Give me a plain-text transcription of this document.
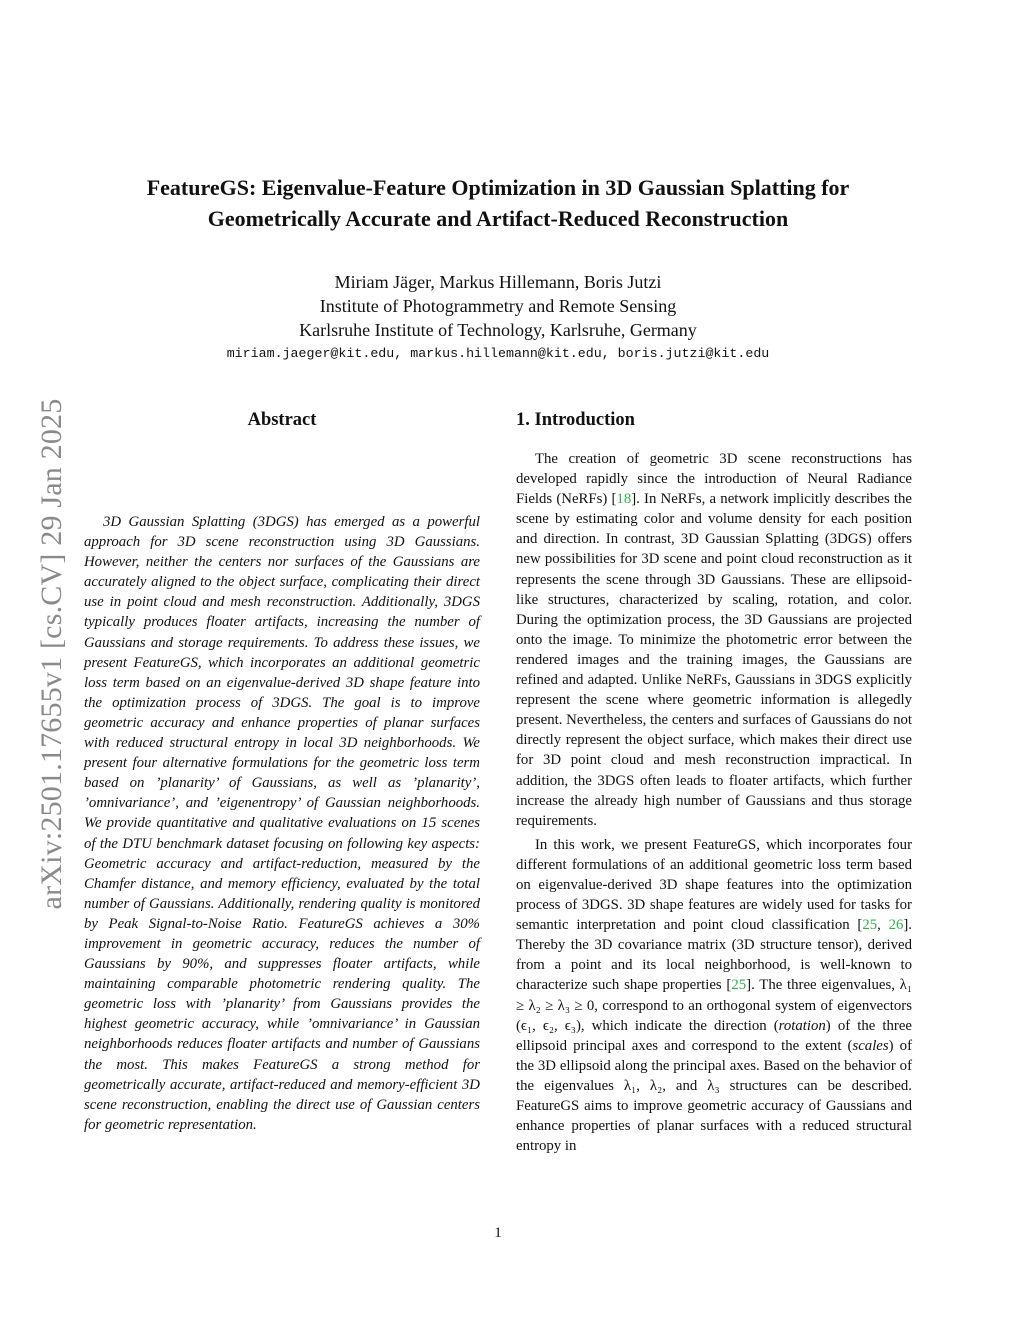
arXiv:2501.17655v1 [cs.CV] 29 Jan 2025
FeatureGS: Eigenvalue-Feature Optimization in 3D Gaussian Splatting for Geometrically Accurate and Artifact-Reduced Reconstruction
Miriam Jäger, Markus Hillemann, Boris Jutzi
Institute of Photogrammetry and Remote Sensing
Karlsruhe Institute of Technology, Karlsruhe, Germany
miriam.jaeger@kit.edu, markus.hillemann@kit.edu, boris.jutzi@kit.edu
Abstract

3D Gaussian Splatting (3DGS) has emerged as a powerful approach for 3D scene reconstruction using 3D Gaussians. However, neither the centers nor surfaces of the Gaussians are accurately aligned to the object surface, complicating their direct use in point cloud and mesh reconstruction. Additionally, 3DGS typically produces floater artifacts, increasing the number of Gaussians and storage requirements. To address these issues, we present FeatureGS, which incorporates an additional geometric loss term based on an eigenvalue-derived 3D shape feature into the optimization process of 3DGS. The goal is to improve geometric accuracy and enhance properties of planar surfaces with reduced structural entropy in local 3D neighborhoods. We present four alternative formulations for the geometric loss term based on ’planarity’ of Gaussians, as well as ’planarity’, ’omnivariance’, and ’eigenentropy’ of Gaussian neighborhoods. We provide quantitative and qualitative evaluations on 15 scenes of the DTU benchmark dataset focusing on following key aspects: Geometric accuracy and artifact-reduction, measured by the Chamfer distance, and memory efficiency, evaluated by the total number of Gaussians. Additionally, rendering quality is monitored by Peak Signal-to-Noise Ratio. FeatureGS achieves a 30% improvement in geometric accuracy, reduces the number of Gaussians by 90%, and suppresses floater artifacts, while maintaining comparable photometric rendering quality. The geometric loss with ’planarity’ from Gaussians provides the highest geometric accuracy, while ’omnivariance’ in Gaussian neighborhoods reduces floater artifacts and number of Gaussians the most. This makes FeatureGS a strong method for geometrically accurate, artifact-reduced and memory-efficient 3D scene reconstruction, enabling the direct use of Gaussian centers for geometric representation.

1. Introduction

The creation of geometric 3D scene reconstructions has developed rapidly since the introduction of Neural Radiance Fields (NeRFs) [18]. In NeRFs, a network implicitly describes the scene by estimating color and volume density for each position and direction. In contrast, 3D Gaussian Splatting (3DGS) offers new possibilities for 3D scene and point cloud reconstruction as it represents the scene through 3D Gaussians. These are ellipsoid-like structures, characterized by scaling, rotation, and color. During the optimization process, the 3D Gaussians are projected onto the image. To minimize the photometric error between the rendered images and the training images, the Gaussians are refined and adapted. Unlike NeRFs, Gaussians in 3DGS explicitly represent the scene where geometric information is allegedly present. Nevertheless, the centers and surfaces of Gaussians do not directly represent the object surface, which makes their direct use for 3D point cloud and mesh reconstruction impractical. In addition, the 3DGS often leads to floater artifacts, which further increase the already high number of Gaussians and thus storage requirements.

In this work, we present FeatureGS, which incorporates four different formulations of an additional geometric loss term based on eigenvalue-derived 3D shape features into the optimization process of 3DGS. 3D shape features are widely used for tasks for semantic interpretation and point cloud classification [25, 26]. Thereby the 3D covariance matrix (3D structure tensor), derived from a point and its local neighborhood, is well-known to characterize such shape properties [25]. The three eigenvalues, λ₁ ≥ λ₂ ≥ λ₃ ≥ 0, correspond to an orthogonal system of eigenvectors (ϵ₁, ϵ₂, ϵ₃), which indicate the direction (rotation) of the three ellipsoid principal axes and correspond to the extent (scales) of the 3D ellipsoid along the principal axes. Based on the behavior of the eigenvalues λ₁, λ₂, and λ₃ structures can be described. FeatureGS aims to improve geometric accuracy of Gaussians and enhance properties of planar surfaces with a reduced structural entropy in

1
